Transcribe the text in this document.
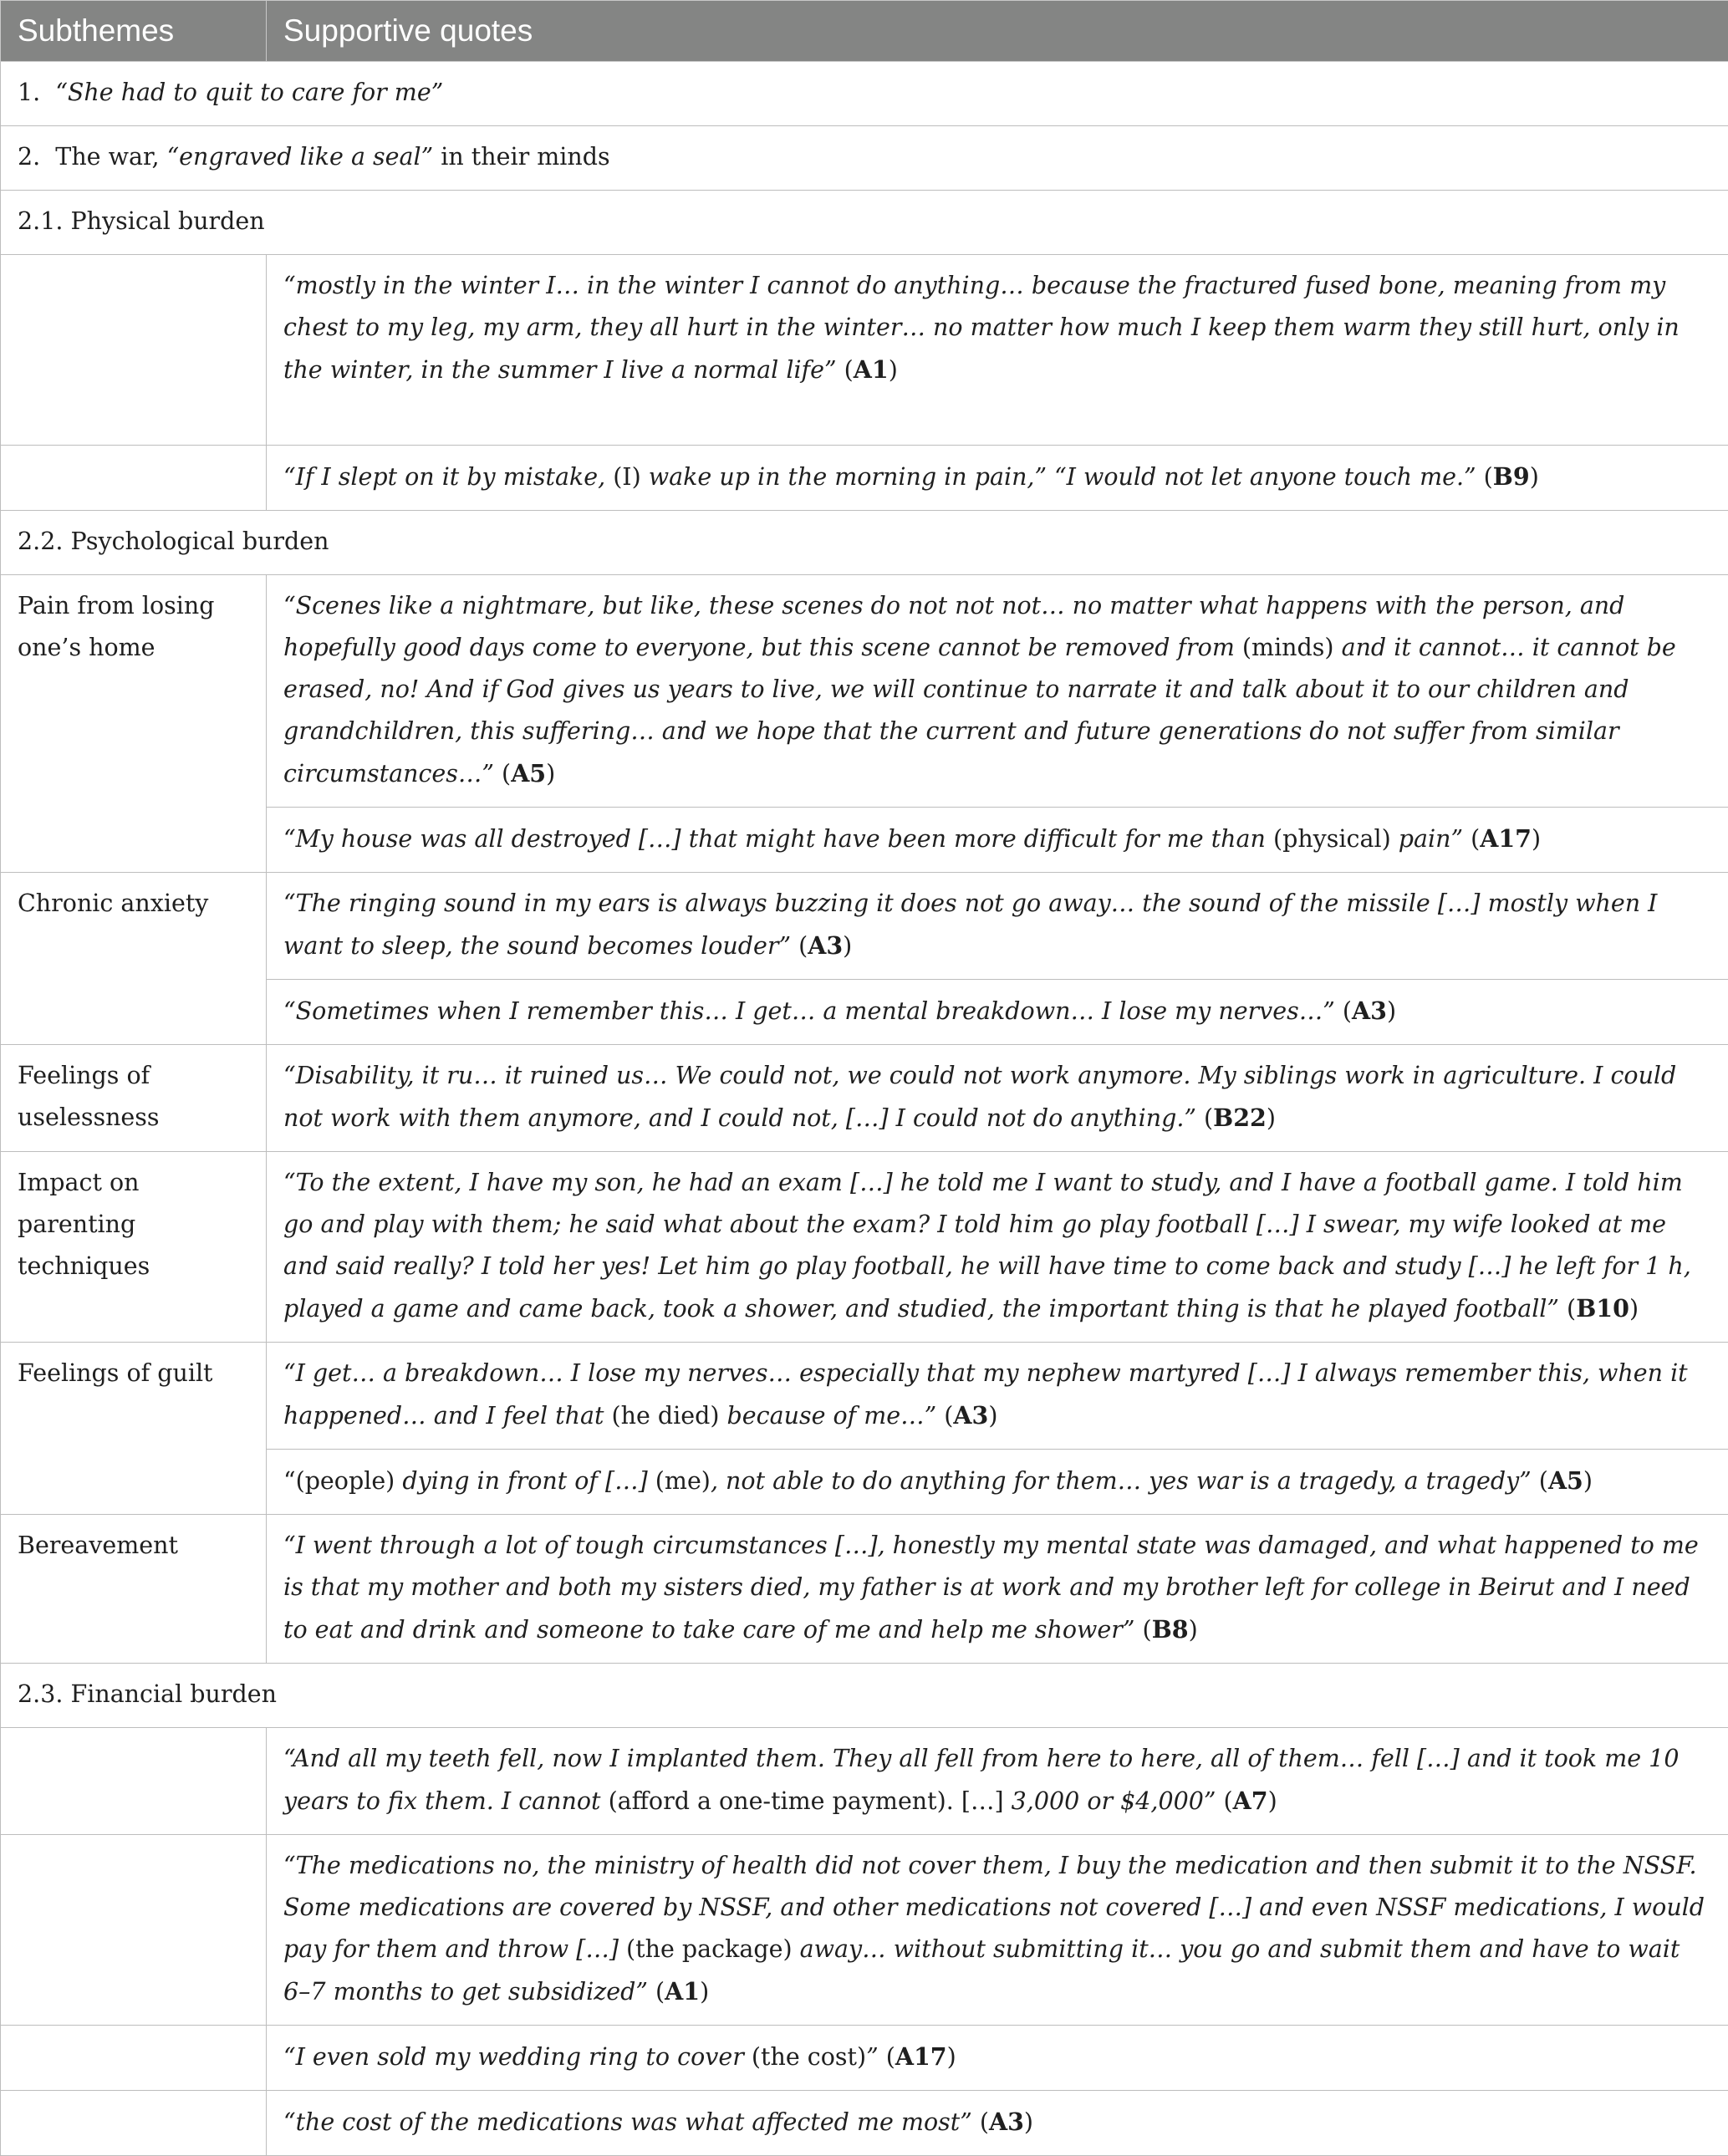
Subthemes	Supportive quotes
1.  “She had to quit to care for me”	
2.  The war, “engraved like a seal” in their minds	
2.1. Physical burden	
	“mostly in the winter I… in the winter I cannot do anything… because the fractured fused bone, meaning from my chest to my leg, my arm, they all hurt in the winter… no matter how much I keep them warm they still hurt, only in the winter, in the summer I live a normal life” (A1)
	“If I slept on it by mistake, (I) wake up in the morning in pain,” “I would not let anyone touch me.” (B9)
2.2. Psychological burden	
Pain from losing one’s home	“Scenes like a nightmare, but like, these scenes do not not not… no matter what happens with the person, and hopefully good days come to everyone, but this scene cannot be removed from (minds) and it cannot… it cannot be erased, no! And if God gives us years to live, we will continue to narrate it and talk about it to our children and grandchildren, this suffering… and we hope that the current and future generations do not suffer from similar circumstances…” (A5)
	“My house was all destroyed […] that might have been more difficult for me than (physical) pain” (A17)
Chronic anxiety	“The ringing sound in my ears is always buzzing it does not go away… the sound of the missile […] mostly when I want to sleep, the sound becomes louder” (A3)
	“Sometimes when I remember this… I get… a mental breakdown… I lose my nerves…” (A3)
Feelings of uselessness	“Disability, it ru… it ruined us… We could not, we could not work anymore. My siblings work in agriculture. I could not work with them anymore, and I could not, […] I could not do anything.” (B22)
Impact on parenting techniques	“To the extent, I have my son, he had an exam […] he told me I want to study, and I have a football game. I told him go and play with them; he said what about the exam? I told him go play football […] I swear, my wife looked at me and said really? I told her yes! Let him go play football, he will have time to come back and study […] he left for 1 h, played a game and came back, took a shower, and studied, the important thing is that he played football” (B10)
Feelings of guilt	“I get… a breakdown… I lose my nerves… especially that my nephew martyred […] I always remember this, when it happened… and I feel that (he died) because of me…” (A3)
	“(people) dying in front of […] (me), not able to do anything for them… yes war is a tragedy, a tragedy” (A5)
Bereavement	“I went through a lot of tough circumstances […], honestly my mental state was damaged, and what happened to me is that my mother and both my sisters died, my father is at work and my brother left for college in Beirut and I need to eat and drink and someone to take care of me and help me shower” (B8)
2.3. Financial burden	
	“And all my teeth fell, now I implanted them. They all fell from here to here, all of them… fell […] and it took me 10 years to fix them. I cannot (afford a one-time payment). […] 3,000 or $4,000” (A7)
	“The medications no, the ministry of health did not cover them, I buy the medication and then submit it to the NSSF. Some medications are covered by NSSF, and other medications not covered […] and even NSSF medications, I would pay for them and throw […] (the package) away… without submitting it… you go and submit them and have to wait 6–7 months to get subsidized” (A1)
	“I even sold my wedding ring to cover (the cost)” (A17)
	“the cost of the medications was what affected me most” (A3)
